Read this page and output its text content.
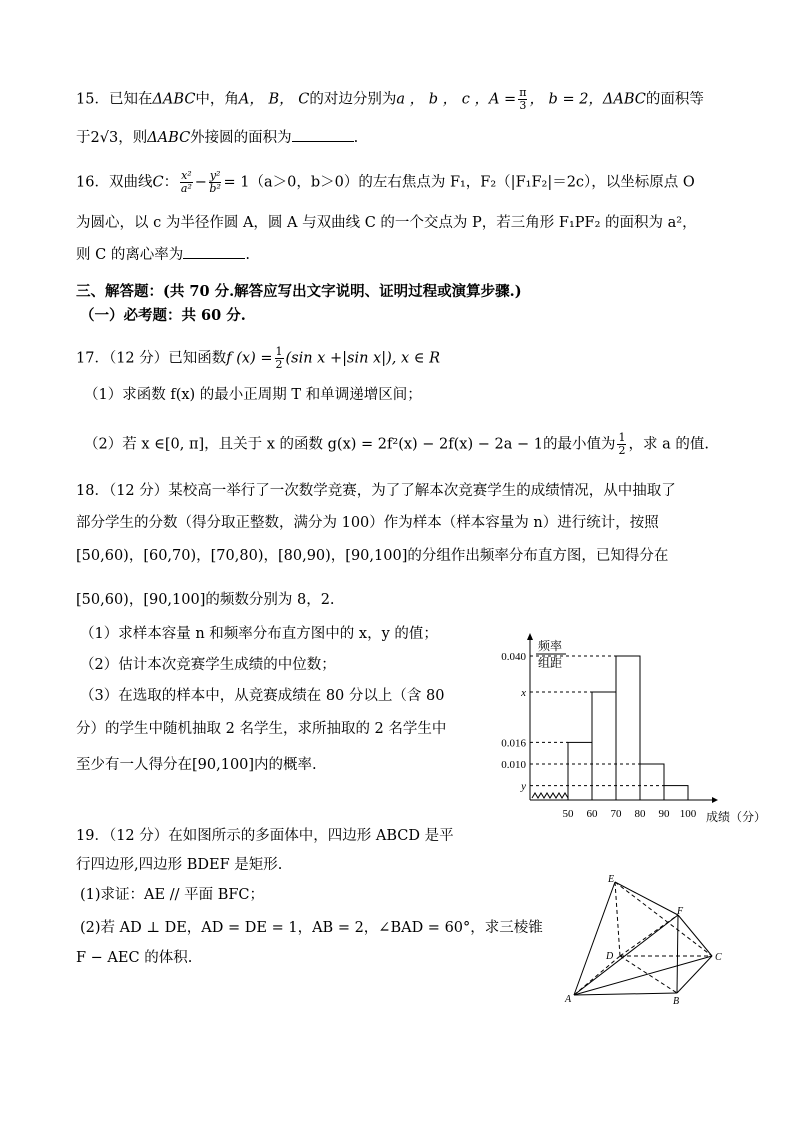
15．已知在ΔABC中，角A， B， C的对边分别为a ， b ， c ，$A = \frac{\pi}{3}$ ， b = 2，ΔABC的面积等
于2√3，则ΔABC外接圆的面积为	.
16．双曲线C： $\frac{\text{x²}}{\text{a²}} - \frac{\text{y²}}{\text{b²}} = 1(a>0$，b＞0）的左右焦点为 F₁，F₂（|F₁F₂|＝2c），以坐标原点 O
为圆心，以 c 为半径作圆 A，圆 A 与双曲线 C 的一个交点为 P，若三角形 F₁PF₂ 的面积为 a²，
则 C 的离心率为	.
三、解答题：(共 70 分.解答应写出文字说明、证明过程或演算步骤.)
（一）必考题：共 60 分.
17．（12 分）已知函数f $(x) = \frac{1}{2} (\sin$ x +|sin x|), x ∈ R
（1）求函数 f(x) 的最小正周期 T 和单调递增区间；
（2）若 x ∈[0, π]，且关于 x 的函数 g(x) = 2f²(x) − 2f(x) − 2a − 1的最小值为 $\frac{1}{2}$ ，求 a 的值.
18．（12 分）某校高一举行了一次数学竞赛，为了了解本次竞赛学生的成绩情况，从中抽取了
部分学生的分数（得分取正整数，满分为 100）作为样本（样本容量为 n）进行统计，按照
[50,60)，[60,70)，[70,80)，[80,90)，[90,100]的分组作出频率分布直方图，已知得分在
[50,60)，[90,100]的频数分别为 8，2.
（1）求样本容量 n 和频率分布直方图中的 x，y 的值；
（2）估计本次竞赛学生成绩的中位数；
（3）在选取的样本中，从竞赛成绩在 80 分以上（含 80
分）的学生中随机抽取 2 名学生，求所抽取的 2 名学生中
至少有一人得分在[90,100]内的概率.
0.040
x
0.016
0.010
y
50 60 70 80 90 100
频率
组距
成绩（分）
19．（12 分）在如图所示的多面体中，四边形 ABCD 是平
行四边形,四边形 BDEF 是矩形.
(1)求证：AE // 平面 BFC；
(2)若 AD ⊥ DE，AD = DE = 1，AB = 2，∠BAD = 60°，求三棱锥
F − AEC 的体积.
E
F
D	C
A	B
